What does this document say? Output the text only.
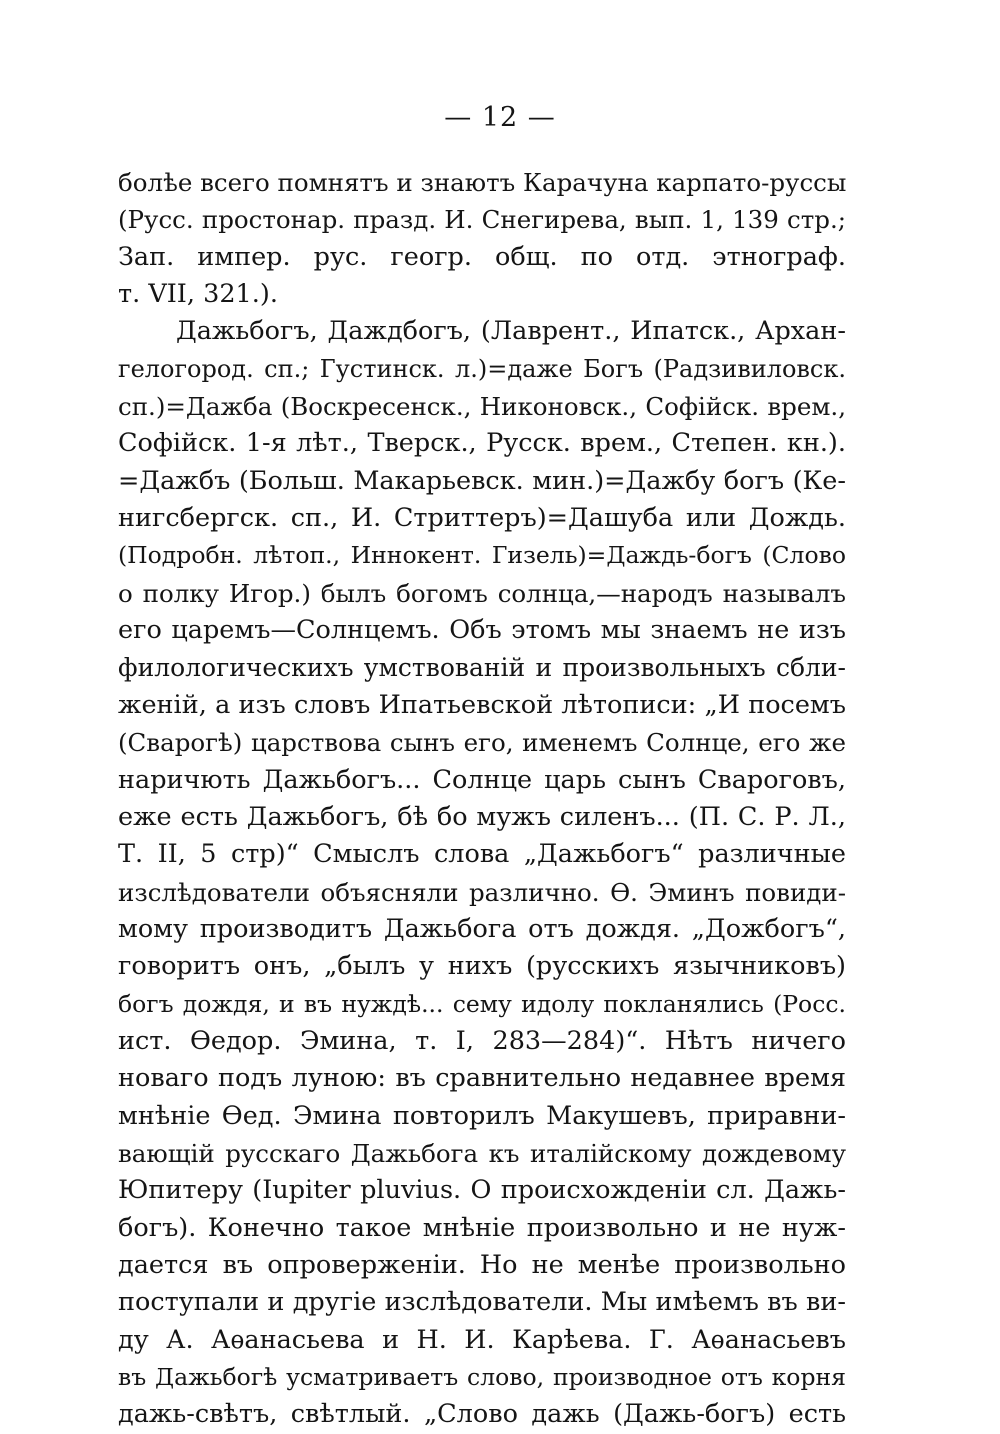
— 12 —
болѣе всего помнятъ и знаютъ Карачуна карпато-руссы
(Русс. простонар. празд. И. Снегирева, вып. 1, 139 стр.;
Зап. импер. рус. геогр. общ. по отд. этнограф.
т. VII, 321.).
Дажьбогъ, Даждбогъ, (Лаврент., Ипатск., Архан-
гелогород. сп.; Густинск. л.)=даже Богъ (Радзивиловск.
сп.)=Дажба (Воскресенск., Никоновск., Софiйск. врем.,
Софiйск. 1-я лѣт., Тверск., Русск. врем., Степен. кн.).
=Дажбъ (Больш. Макарьевск. мин.)=Дажбу богъ (Ке-
нигсбергск. сп., И. Стриттеръ)=Дашуба или Дождь.
(Подробн. лѣтоп., Иннокент. Гизель)=Даждь-богъ (Слово
о полку Игор.) былъ богомъ солнца,—народъ называлъ
его царемъ—Солнцемъ. Объ этомъ мы знаемъ не изъ
филологическихъ умствованiй и произвольныхъ сбли-
женiй, а изъ словъ Ипатьевской лѣтописи: „И посемъ
(Сварогѣ) царствова сынъ его, именемъ Солнце, его же
наричють Дажьбогъ... Солнце царь сынъ Свароговъ,
еже есть Дажьбогъ, бѣ бо мужъ силенъ... (П. С. Р. Л.,
Т. II, 5 стр)“ Смыслъ слова „Дажьбогъ“ различные
изслѣдователи объясняли различно. Ѳ. Эминъ повиди-
мому производитъ Дажьбога отъ дождя. „Дожбогъ“,
говоритъ онъ, „былъ у нихъ (русскихъ язычниковъ)
богъ дождя, и въ нуждѣ... сему идолу покланялись (Росс.
ист. Ѳедор. Эмина, т. I, 283—284)“. Нѣтъ ничего
новаго подъ луною: въ сравнительно недавнее время
мнѣнiе Ѳед. Эмина повторилъ Макушевъ, приравни-
вающiй русскаго Дажьбога къ италiйскому дождевому
Юпитеру (Iupiter pluvius. О происхожденiи сл. Дажь-
богъ). Конечно такое мнѣнiе произвольно и не нуж-
дается въ опроверженiи. Но не менѣе произвольно
поступали и другiе изслѣдователи. Мы имѣемъ въ ви-
ду А. Аѳанасьева и Н. И. Карѣева. Г. Аѳанасьевъ
въ Дажьбогѣ усматриваетъ слово, производное отъ корня
дажь-свѣтъ, свѣтлый. „Слово дажь (Дажь-богъ) есть
